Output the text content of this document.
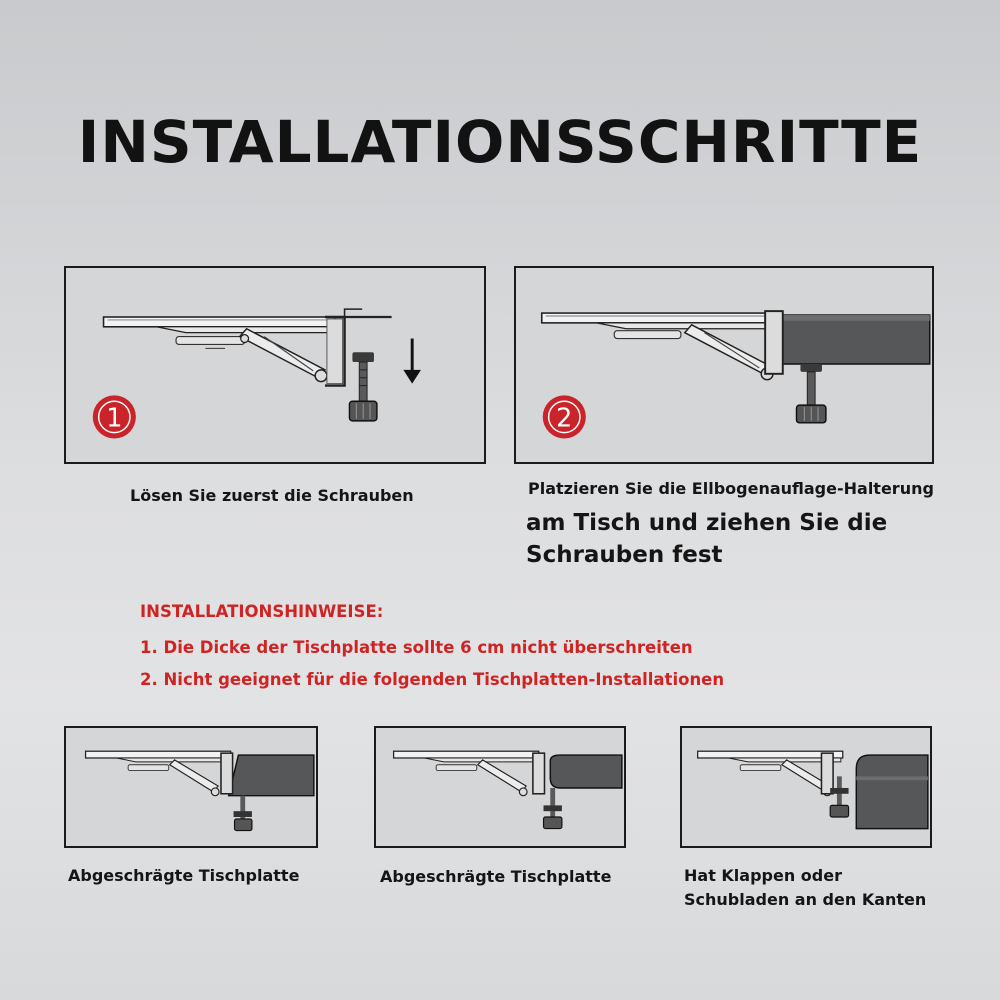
INSTALLATIONSSCHRITTE
1	2
Lösen Sie zuerst die Schrauben	Platzieren Sie die Ellbogenauflage-Halterung
am Tisch und ziehen Sie die
Schrauben fest
INSTALLATIONSHINWEISE:
1. Die Dicke der Tischplatte sollte 6 cm nicht überschreiten
2. Nicht geeignet für die folgenden Tischplatten-Installationen
Abgeschrägte Tischplatte	Abgeschrägte Tischplatte	Hat Klappen oder
Schubladen an den Kanten
